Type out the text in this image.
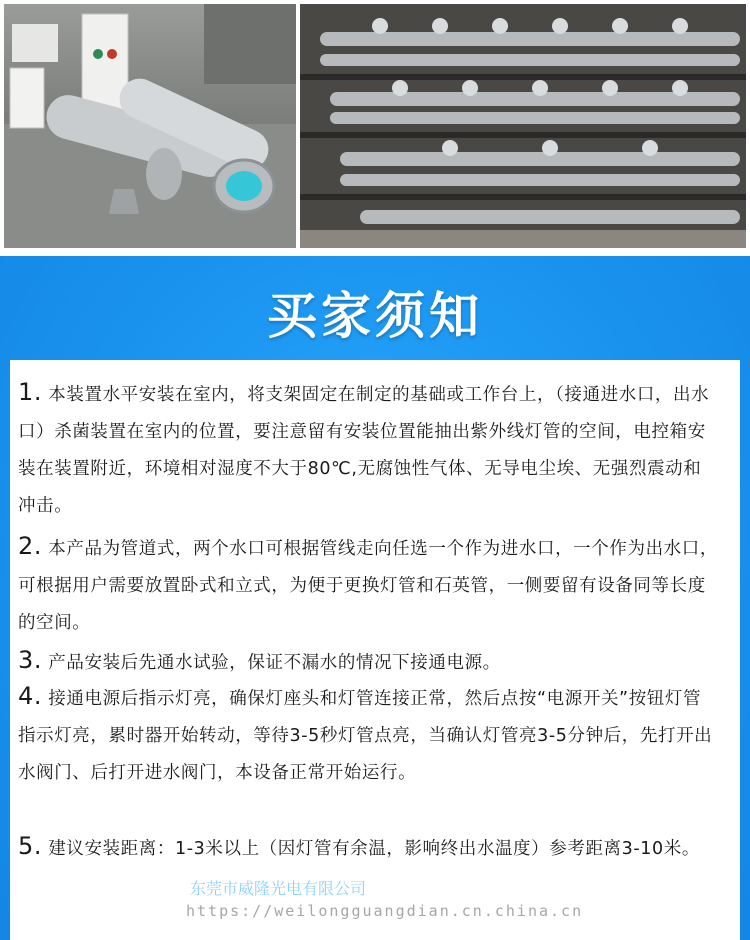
买家须知
1. 本装置水平安装在室内，将支架固定在制定的基础或工作台上，（接通进水口，出水口）杀菌装置在室内的位置，要注意留有安装位置能抽出紫外线灯管的空间，电控箱安装在装置附近，环境相对湿度不大于80℃,无腐蚀性气体、无导电尘埃、无强烈震动和冲击。
2. 本产品为管道式，两个水口可根据管线走向任选一个作为进水口，一个作为出水口，可根据用户需要放置卧式和立式，为便于更换灯管和石英管，一侧要留有设备同等长度的空间。
3. 产品安装后先通水试验，保证不漏水的情况下接通电源。
4. 接通电源后指示灯亮，确保灯座头和灯管连接正常，然后点按“电源开关”按钮灯管指示灯亮，累时器开始转动，等待3-5秒灯管点亮，当确认灯管亮3-5分钟后，先打开出水阀门、后打开进水阀门，本设备正常开始运行。
5. 建议安装距离：1-3米以上（因灯管有余温，影响终出水温度）参考距离3-10米。
东莞市威隆光电有限公司
https://weilongguangdian.cn.china.cn
